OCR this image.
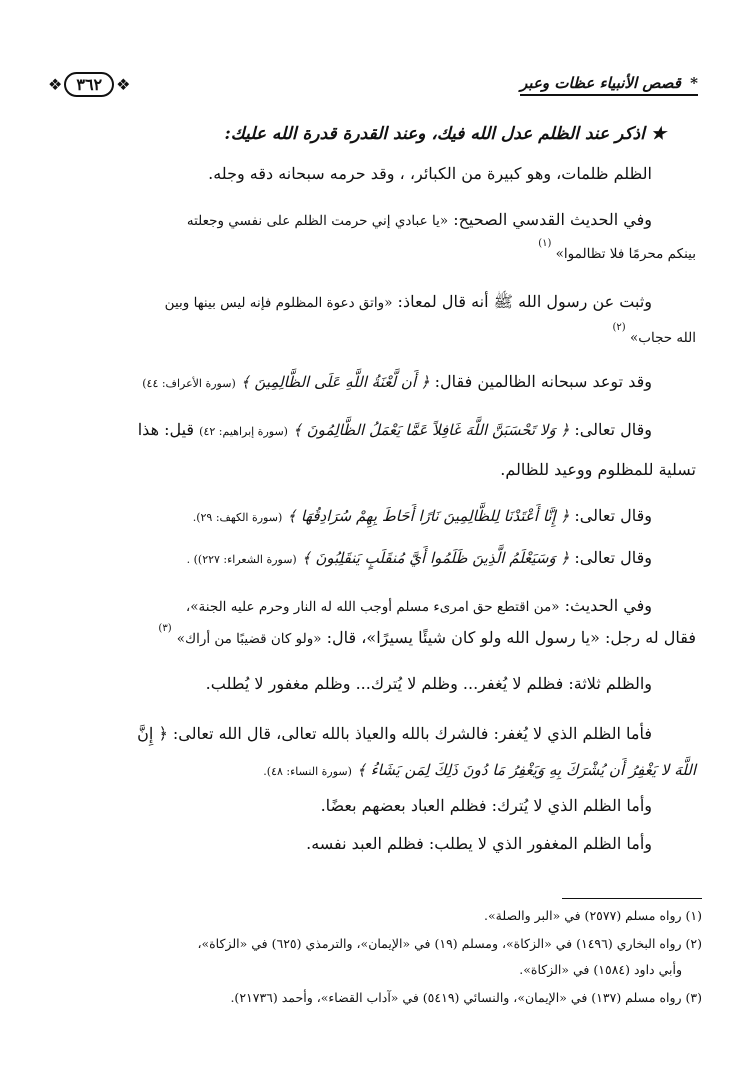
* قصص الأنبياء عظات وعبر
❖ ٣٦٢ ❖
★ اذكر عند الظلم عدل الله فيك، وعند القدرة قدرة الله عليك:
الظلم ظلمات، وهو كبيرة من الكبائر، ، وقد حرمه سبحانه دقه وجله.
وفي الحديث القدسي الصحيح: «يا عبادي إني حرمت الظلم على نفسي وجعلته
بينكم محرمًا فلا تظالموا» $^{(١)}$
وثبت عن رسول الله ﷺ أنه قال لمعاذ: «واتق دعوة المظلوم فإنه ليس بينها وبين
الله حجاب» $^{(٢)}$
وقد توعد سبحانه الظالمين فقال: ﴿ أَن لَّعْنَةُ اللَّهِ عَلَى الظَّالِمِينَ ﴾ (سورة الأعراف: ٤٤)
وقال تعالى: ﴿ وَلا تَحْسَبَنَّ اللَّهَ غَافِلاً عَمَّا يَعْمَلُ الظَّالِمُونَ ﴾ (سورة إبراهيم: ٤٢) قيل: هذا
تسلية للمظلوم ووعيد للظالم.
وقال تعالى: ﴿ إِنَّا أَعْتَدْنَا لِلظَّالِمِينَ نَارًا أَحَاطَ بِهِمْ سُرَادِقُهَا ﴾ (سورة الكهف: ٢٩).
وقال تعالى: ﴿ وَسَيَعْلَمُ الَّذِينَ ظَلَمُوا أَيَّ مُنقَلَبٍ يَنقَلِبُونَ ﴾ (سورة الشعراء: ٢٢٧)) .
وفي الحديث: «من اقتطع حق امرىء مسلم أوجب الله له النار وحرم عليه الجنة»،
فقال له رجل: «يا رسول الله ولو كان شيئًا يسيرًا»، قال: «ولو كان قضيبًا من أراك» $^{(٣)}$
والظلم ثلاثة: فظلم لا يُغفر... وظلم لا يُترك... وظلم مغفور لا يُطلب.
فأما الظلم الذي لا يُغفر: فالشرك بالله والعياذ بالله تعالى، قال الله تعالى: ﴿ إِنَّ
اللَّهَ لا يَغْفِرُ أَن يُشْرَكَ بِهِ وَيَغْفِرُ مَا دُونَ ذَلِكَ لِمَن يَشَاءُ ﴾ (سورة النساء: ٤٨).
وأما الظلم الذي لا يُترك: فظلم العباد بعضهم بعضًا.
وأما الظلم المغفور الذي لا يطلب: فظلم العبد نفسه.
(١) رواه مسلم (٢٥٧٧) في «البر والصلة».
(٢) رواه البخاري (١٤٩٦) في «الزكاة»، ومسلم (١٩) في «الإيمان»، والترمذي (٦٢٥) في «الزكاة»،
وأبي داود (١٥٨٤) في «الزكاة».
(٣) رواه مسلم (١٣٧) في «الإيمان»، والنسائي (٥٤١٩) في «آداب القضاء»، وأحمد (٢١٧٣٦).
